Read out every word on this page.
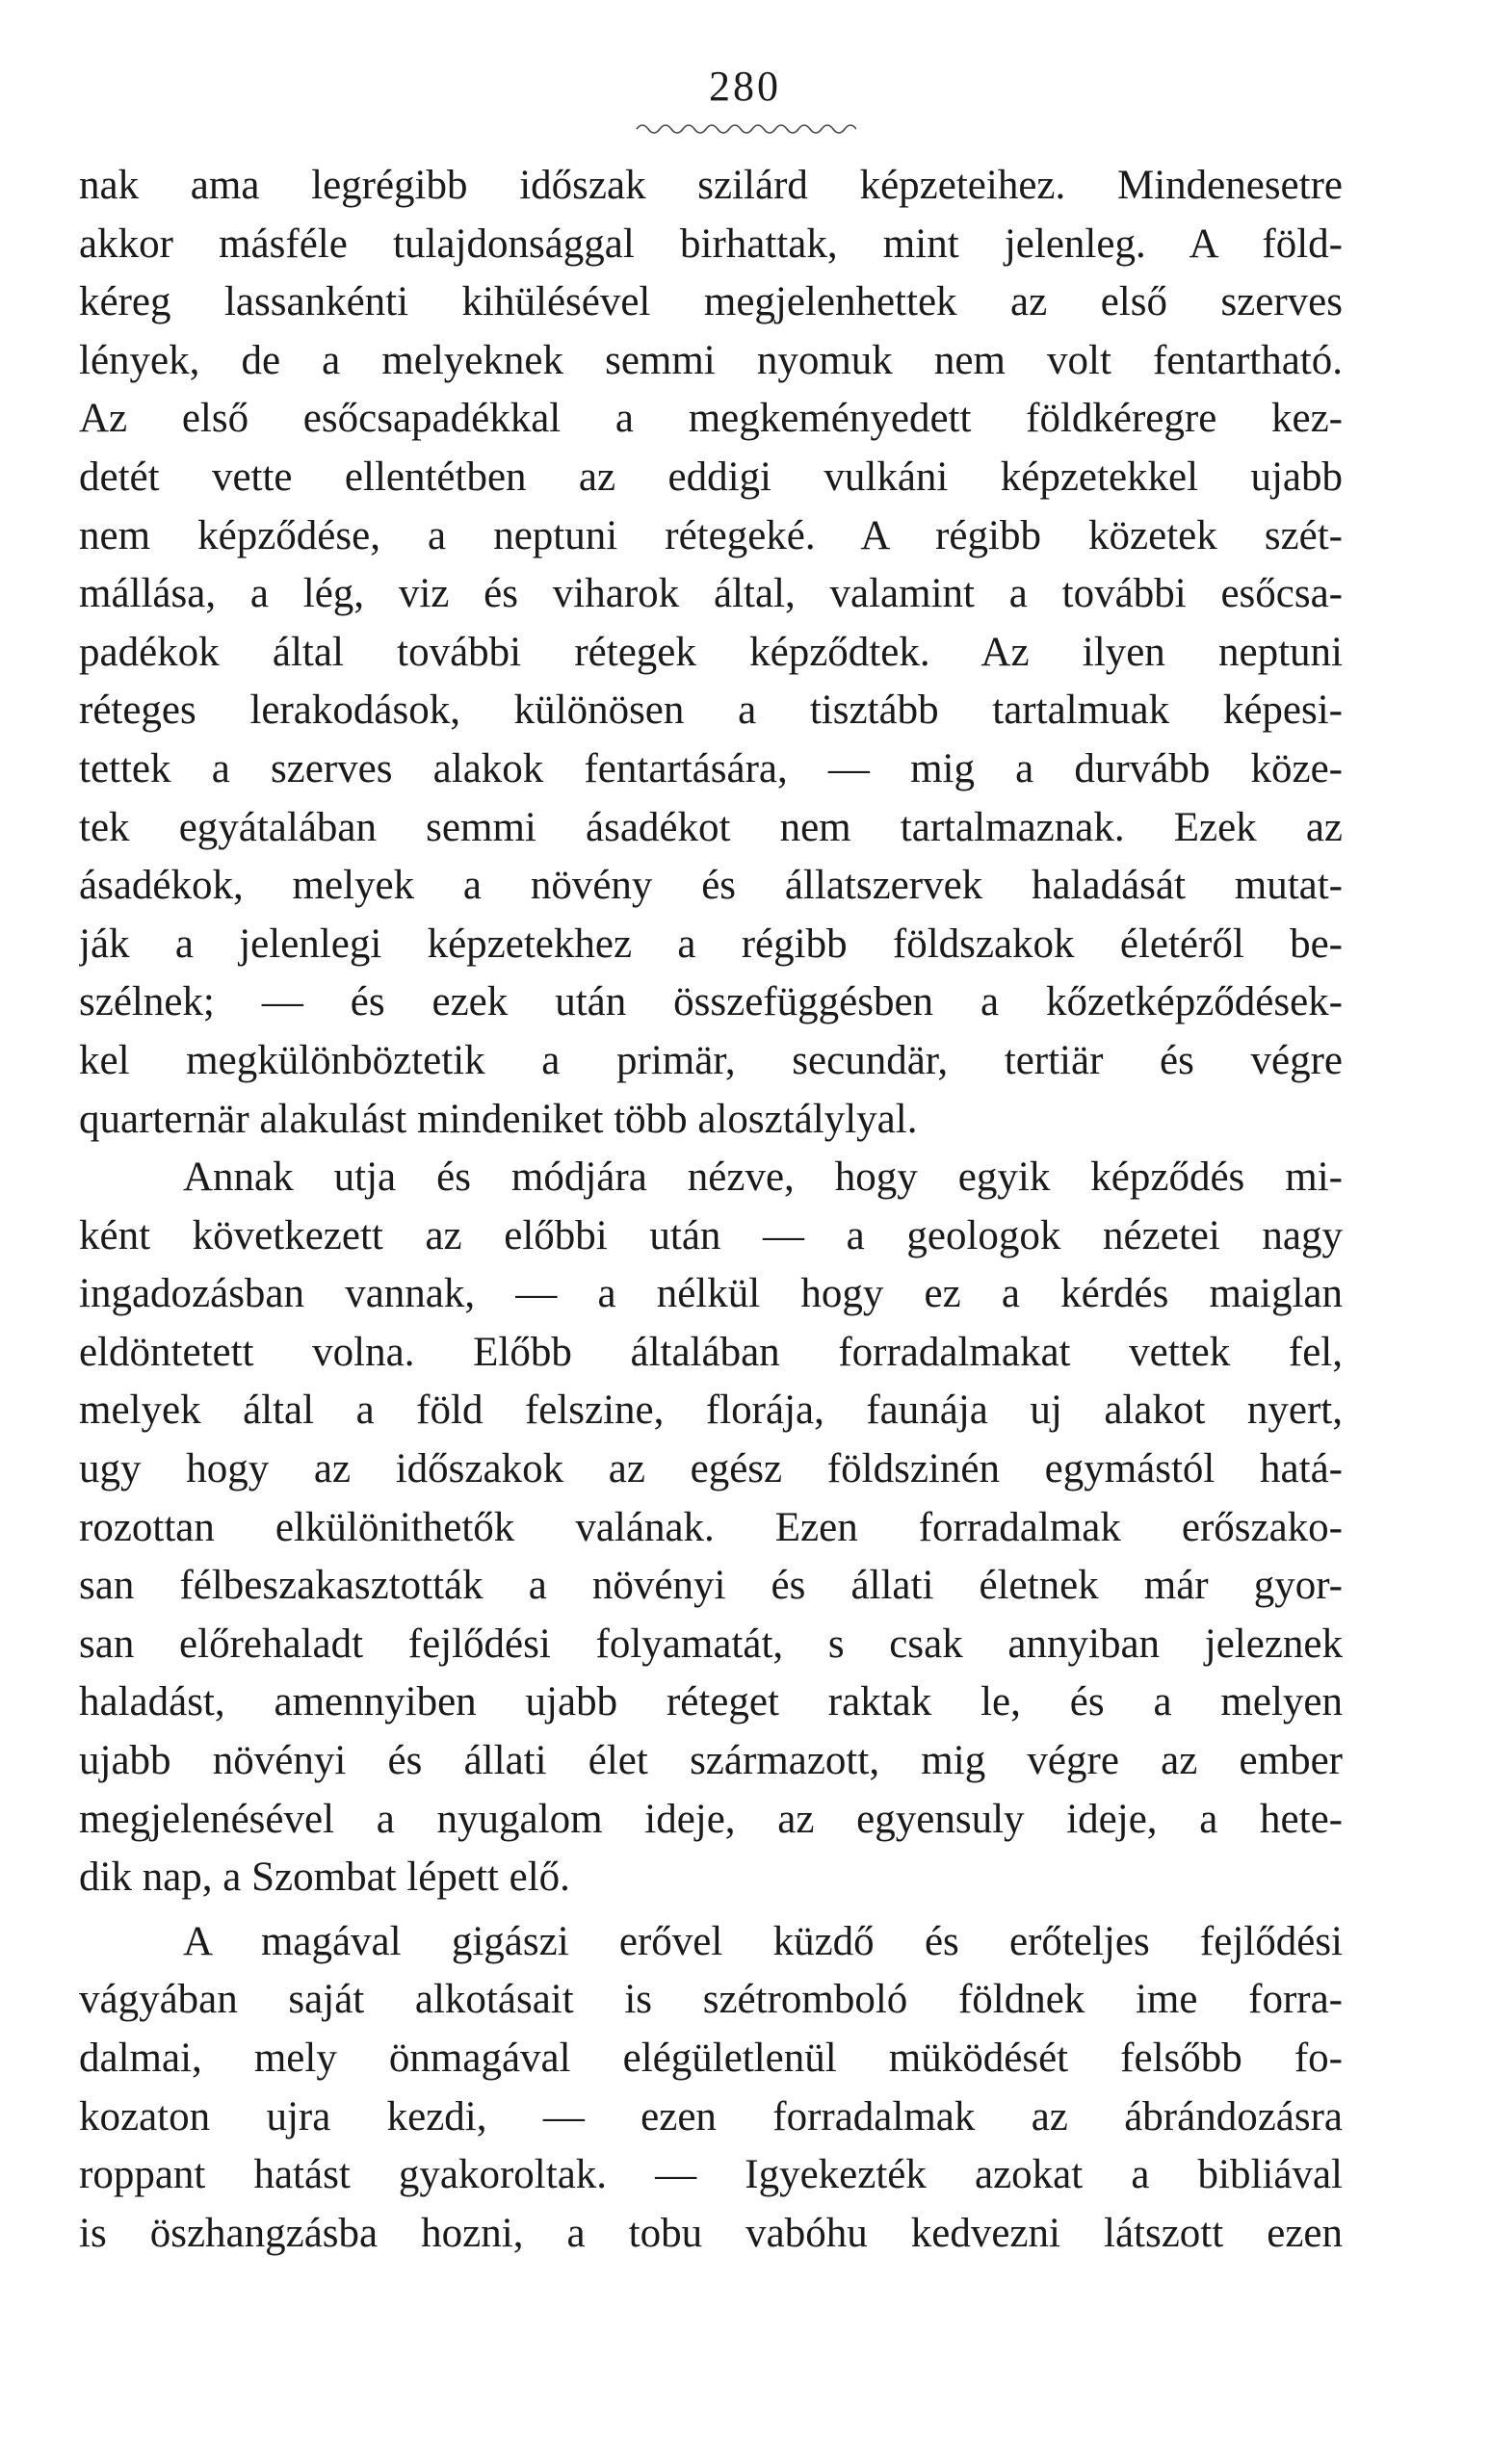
280
nak ama legrégibb időszak szilárd képzeteihez. Mindenesetre
akkor másféle tulajdonsággal birhattak, mint jelenleg. A föld-
kéreg lassankénti kihülésével megjelenhettek az első szerves
lények, de a melyeknek semmi nyomuk nem volt fentartható.
Az első esőcsapadékkal a megkeményedett földkéregre kez-
detét vette ellentétben az eddigi vulkáni képzetekkel ujabb
nem képződése, a neptuni rétegeké. A régibb közetek szét-
mállása, a lég, viz és viharok által, valamint a további esőcsa-
padékok által további rétegek képződtek. Az ilyen neptuni
réteges lerakodások, különösen a tisztább tartalmuak képesi-
tettek a szerves alakok fentartására, — mig a durvább köze-
tek egyátalában semmi ásadékot nem tartalmaznak. Ezek az
ásadékok, melyek a növény és állatszervek haladását mutat-
ják a jelenlegi képzetekhez a régibb földszakok életéről be-
szélnek; — és ezek után összefüggésben a kőzetképződések-
kel megkülönböztetik a primär, secundär, tertiär és végre
quarternär alakulást mindeniket több alosztálylyal.
Annak utja és módjára nézve, hogy egyik képződés mi-
ként következett az előbbi után — a geologok nézetei nagy
ingadozásban vannak, — a nélkül hogy ez a kérdés maiglan
eldöntetett volna. Előbb általában forradalmakat vettek fel,
melyek által a föld felszine, florája, faunája uj alakot nyert,
ugy hogy az időszakok az egész földszinén egymástól hatá-
rozottan elkülönithetők valának. Ezen forradalmak erőszako-
san félbeszakasztották a növényi és állati életnek már gyor-
san előrehaladt fejlődési folyamatát, s csak annyiban jeleznek
haladást, amennyiben ujabb réteget raktak le, és a melyen
ujabb növényi és állati élet származott, mig végre az ember
megjelenésével a nyugalom ideje, az egyensuly ideje, a hete-
dik nap, a Szombat lépett elő.
A magával gigászi erővel küzdő és erőteljes fejlődési
vágyában saját alkotásait is szétromboló földnek ime forra-
dalmai, mely önmagával elégületlenül müködését felsőbb fo-
kozaton ujra kezdi, — ezen forradalmak az ábrándozásra
roppant hatást gyakoroltak. — Igyekezték azokat a bibliával
is öszhangzásba hozni, a tobu vabóhu kedvezni látszott ezen
